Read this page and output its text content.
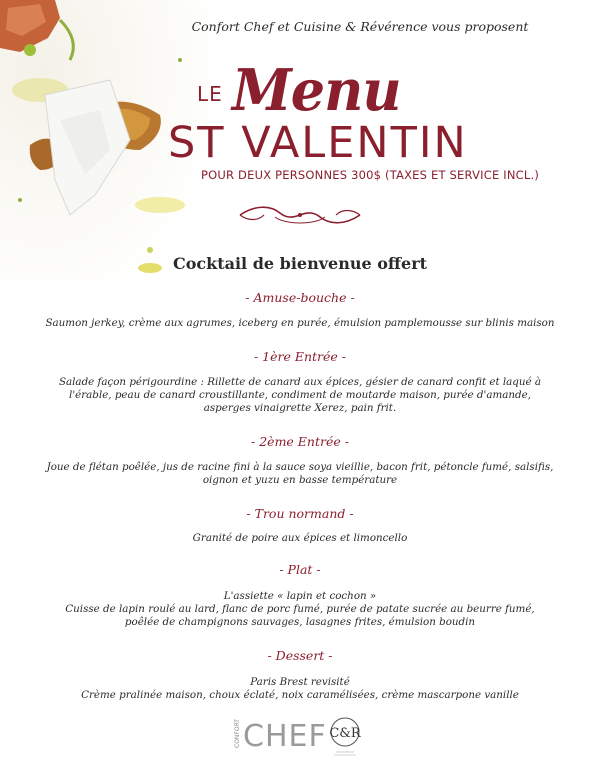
Confort Chef et Cuisine & Révérence vous proposent
LE Menu
ST VALENTIN
POUR DEUX PERSONNES 300$ (TAXES ET SERVICE INCL.)
Cocktail de bienvenue offert
- Amuse-bouche -
Saumon jerkey, crème aux agrumes, iceberg en purée, émulsion pamplemousse sur blinis maison
- 1ère Entrée -
Salade façon périgourdine : Rillette de canard aux épices, gésier de canard confit et laqué à
l'érable, peau de canard croustillante, condiment de moutarde maison, purée d'amande,
asperges vinaigrette Xerez, pain frit.
- 2ème Entrée -
Joue de flétan poêlée, jus de racine fini à la sauce soya vieillie, bacon frit, pétoncle fumé, salsifis,
oignon et yuzu en basse température
- Trou normand -
Granité de poire aux épices et limoncello
- Plat -
L'assiette « lapin et cochon »
Cuisse de lapin roulé au lard, flanc de porc fumé, purée de patate sucrée au beurre fumé,
poêlée de champignons sauvages, lasagnes frites, émulsion boudin
- Dessert -
Paris Brest revisité
Crème pralinée maison, choux éclaté, noix caramélisées, crème mascarpone vanille
CONFORT CHEF C&R
